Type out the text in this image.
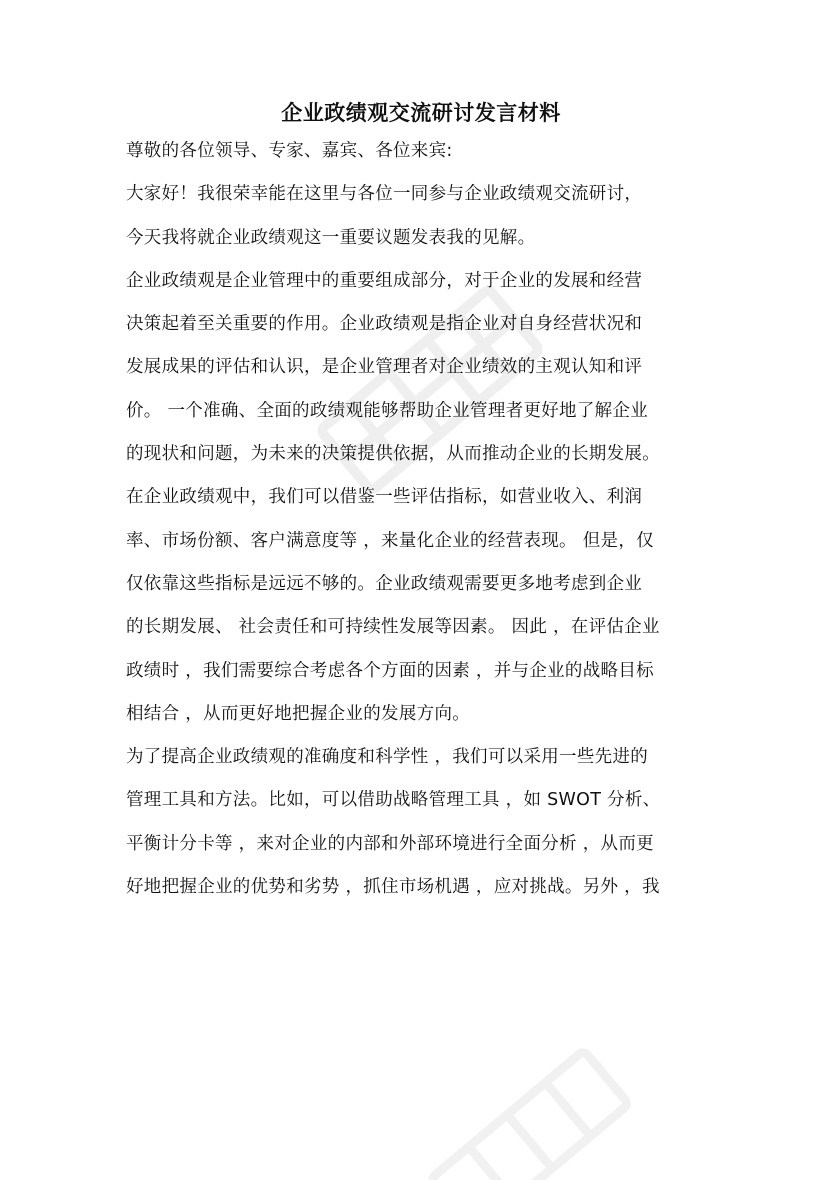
企业政绩观交流研讨发言材料

尊敬的各位领导、专家、嘉宾、各位来宾:

大家好！我很荣幸能在这里与各位一同参与企业政绩观交流研讨，
今天我将就企业政绩观这一重要议题发表我的见解。

企业政绩观是企业管理中的重要组成部分，对于企业的发展和经营
决策起着至关重要的作用。企业政绩观是指企业对自身经营状况和
发展成果的评估和认识，是企业管理者对企业绩效的主观认知和评
价。 一个准确、全面的政绩观能够帮助企业管理者更好地了解企业
的现状和问题，为未来的决策提供依据，从而推动企业的长期发展。

在企业政绩观中，我们可以借鉴一些评估指标，如营业收入、利润
率、市场份额、客户满意度等 ，来量化企业的经营表现。 但是，仅
仅依靠这些指标是远远不够的。企业政绩观需要更多地考虑到企业
的长期发展、 社会责任和可持续性发展等因素。 因此 ，在评估企业
政绩时 ，我们需要综合考虑各个方面的因素 ，并与企业的战略目标
相结合 ，从而更好地把握企业的发展方向。

为了提高企业政绩观的准确度和科学性 ，我们可以采用一些先进的
管理工具和方法。比如，可以借助战略管理工具 ，如 SWOT 分析、
平衡计分卡等 ，来对企业的内部和外部环境进行全面分析 ，从而更
好地把握企业的优势和劣势 ，抓住市场机遇 ，应对挑战。另外 ，我
